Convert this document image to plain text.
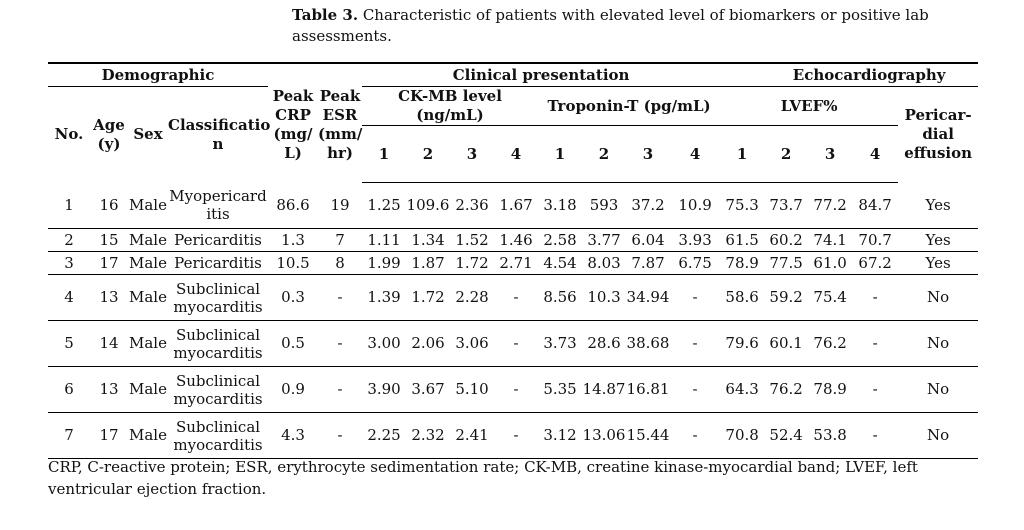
Table 3. Characteristic of patients with elevated level of biomarkers or positive lab assessments.
Demographic						Clinical presentation								Echocardiography				
No.	Age (y)	Sex	Classificatio n	Peak CRP (mg/ L)	Peak ESR (mm/ hr)	CK-MB level (ng/mL)				Troponin-T (pg/mL)				LVEF%				Pericar- dial effusion
						1	2	3	4	1	2	3	4	1	2	3	4	
1	16	Male	Myopericard itis	86.6	19	1.25	109.6	2.36	1.67	3.18	593	37.2	10.9	75.3	73.7	77.2	84.7	Yes
2	15	Male	Pericarditis	1.3	7	1.11	1.34	1.52	1.46	2.58	3.77	6.04	3.93	61.5	60.2	74.1	70.7	Yes
3	17	Male	Pericarditis	10.5	8	1.99	1.87	1.72	2.71	4.54	8.03	7.87	6.75	78.9	77.5	61.0	67.2	Yes
4	13	Male	Subclinical myocarditis	0.3	-	1.39	1.72	2.28	-	8.56	10.3	34.94	-	58.6	59.2	75.4	-	No
5	14	Male	Subclinical myocarditis	0.5	-	3.00	2.06	3.06	-	3.73	28.6	38.68	-	79.6	60.1	76.2	-	No
6	13	Male	Subclinical myocarditis	0.9	-	3.90	3.67	5.10	-	5.35	14.87	16.81	-	64.3	76.2	78.9	-	No
7	17	Male	Subclinical myocarditis	4.3	-	2.25	2.32	2.41	-	3.12	13.06	15.44	-	70.8	52.4	53.8	-	No
CRP, C-reactive protein; ESR, erythrocyte sedimentation rate; CK-MB, creatine kinase-myocardial band; LVEF, left ventricular ejection fraction.
